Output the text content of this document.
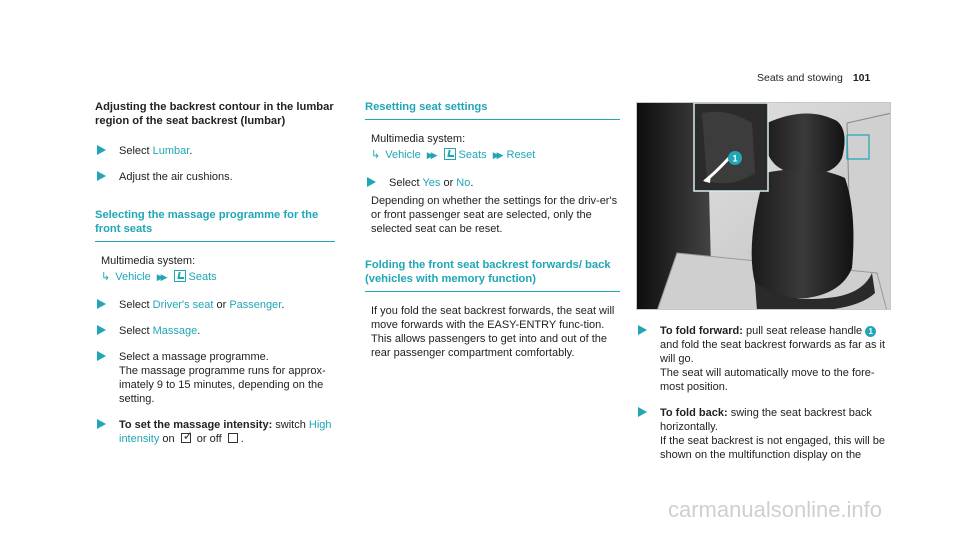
Seats and stowing 101
Adjusting the backrest contour in the lumbar region of the seat backrest (lumbar)
Select Lumbar.
Adjust the air cushions.
Selecting the massage programme for the front seats
Multimedia system:
↳ Vehicle ▶▶ Seats
Select Driver's seat or Passenger.
Select Massage.
Select a massage programme.
The massage programme runs for approx-imately 9 to 15 minutes, depending on the setting.
To set the massage intensity: switch High intensity on ✓ or off .
Resetting seat settings
Multimedia system:
↳ Vehicle ▶▶ Seats ▶▶ Reset
Select Yes or No.
Depending on whether the settings for the driv-er's or front passenger seat are selected, only the selected seat can be reset.
Folding the front seat backrest forwards/ back (vehicles with memory function)
If you fold the seat backrest forwards, the seat will move forwards with the EASY-ENTRY func-tion. This allows passengers to get into and out of the rear passenger compartment comfortably.
1
To fold forward: pull seat release handle 1 and fold the seat backrest forwards as far as it will go.
The seat will automatically move to the fore-most position.
To fold back: swing the seat backrest back horizontally.
If the seat backrest is not engaged, this will be shown on the multifunction display on the
carmanualsonline.info
